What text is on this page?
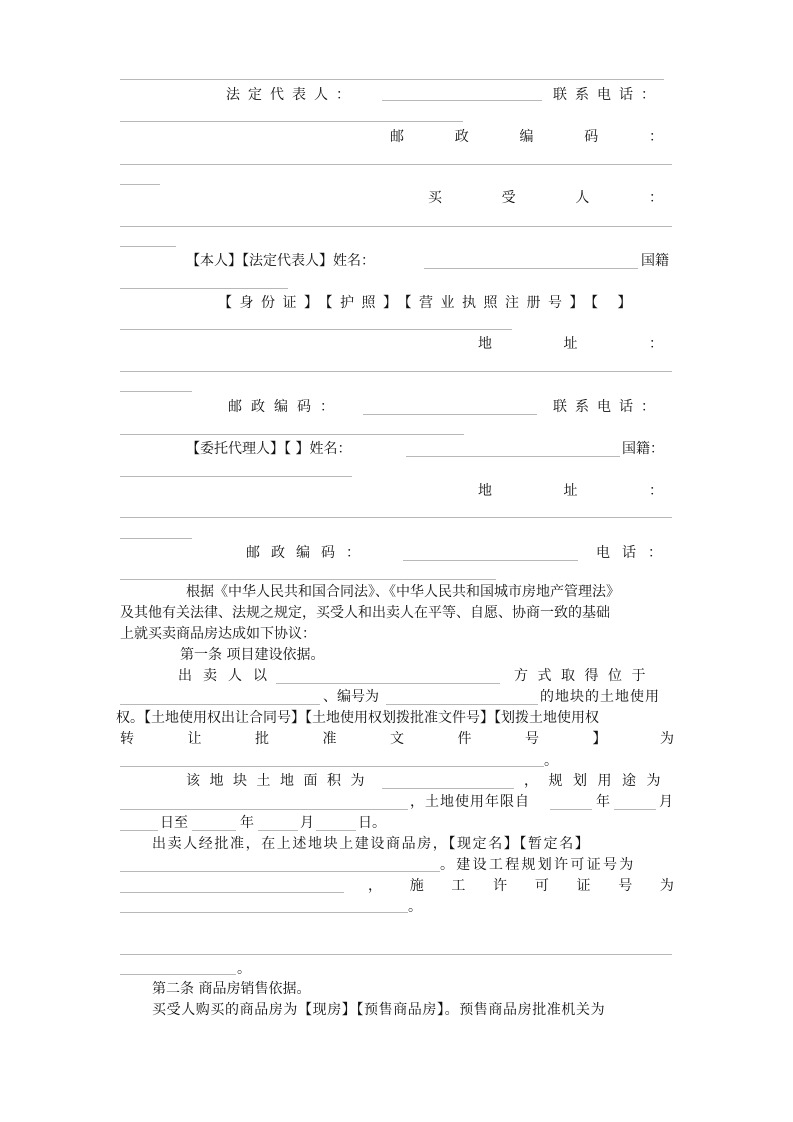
法定代表人：	联系电话：
邮	政	编	码	：
买	受	人	：
【本人】【法定代表人】姓名：	国籍
【身份证】【护照】【营业执照注册号】【 】
地	址	：
邮政编码：	联系电话：
【委托代理人】【 】姓名：	国籍：
地	址	：
邮政编码：	电话：
根据《中华人民共和国合同法》、《中华人民共和国城市房地产管理法》
及其他有关法律、法规之规定，买受人和出卖人在平等、自愿、协商一致的基础
上就买卖商品房达成如下协议：
第一条 项目建设依据。
出卖人以	方式取得位于
、编号为	的地块的土地使用
权。【土地使用权出让合同号】【土地使用权划拨批准文件号】【划拨土地使用权
转	让	批	准	文	件	号	】	为
。
该地块土地面积为	，规划用途为
，土地使用年限自	年	月
日至	年	月	日。
出卖人经批准，在上述地块上建设商品房，【现定名】【暂定名】
。建设工程规划许可证号为
， 施 工 许 可 证 号 为
。
。
第二条 商品房销售依据。
买受人购买的商品房为【现房】【预售商品房】。预售商品房批准机关为
